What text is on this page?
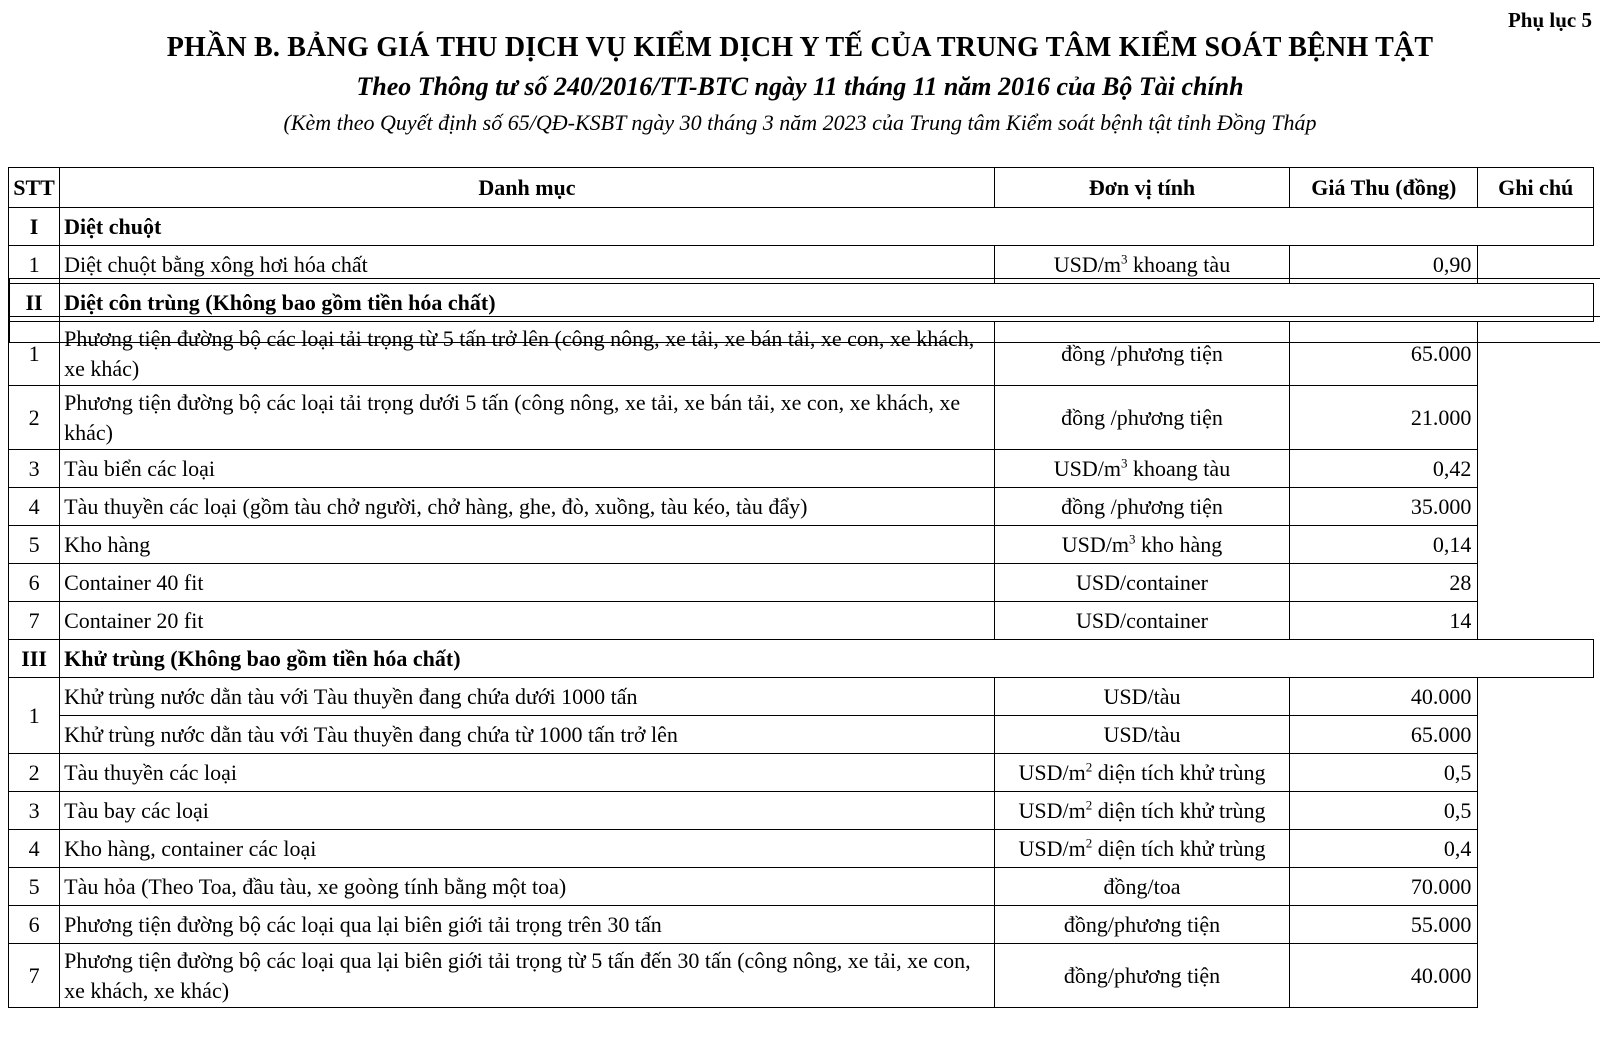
Phụ lục 5
PHẦN B. BẢNG GIÁ THU DỊCH VỤ KIỂM DỊCH Y TẾ CỦA TRUNG TÂM KIỂM SOÁT BỆNH TẬT
Theo Thông tư số 240/2016/TT-BTC ngày 11 tháng 11 năm 2016 của Bộ Tài chính
(Kèm theo Quyết định số 65/QĐ-KSBT ngày 30 tháng 3 năm 2023 của Trung tâm Kiểm soát bệnh tật tỉnh Đồng Tháp
STT	Danh mục	Đơn vị tính	Giá Thu (đồng)	Ghi chú
I	Diệt chuột			
1	Diệt chuột bằng xông hơi hóa chất	USD/$m^3$ khoang tàu	0,90	

II	Diệt côn trùng (Không bao gồm tiền hóa chất)			
1	Phương tiện đường bộ các loại tải trọng từ 5 tấn trở lên (công nông, xe tải, xe bán tải, xe con, xe khách, xe khác)	đồng /phương tiện	65.000	

2	Phương tiện đường bộ các loại tải trọng dưới 5 tấn (công nông, xe tải, xe bán tải, xe con, xe khách, xe khác)	đồng /phương tiện	21.000	

3	Tàu biển các loại	USD/$m^3$ khoang tàu	0,42	

4	Tàu thuyền các loại (gồm tàu chở người, chở hàng, ghe, đò, xuồng, tàu kéo, tàu đẩy)	đồng /phương tiện	35.000	

5	Kho hàng	USD/$m^3$ kho hàng	0,14	

6	Container 40 fit	USD/container	28	

7	Container 20 fit	USD/container	14	

III	Khử trùng (Không bao gồm tiền hóa chất)			
1	Khử trùng nước dằn tàu với Tàu thuyền đang chứa dưới 1000 tấn	USD/tàu	40.000	

	Khử trùng nước dằn tàu với Tàu thuyền đang chứa từ 1000 tấn trở lên	USD/tàu	65.000	

2	Tàu thuyền các loại	USD/$m^2$ diện tích khử trùng	0,5	

3	Tàu bay các loại	USD/$m^2$ diện tích khử trùng	0,5	

4	Kho hàng, container các loại	USD/$m^2$ diện tích khử trùng	0,4	

5	Tàu hỏa (Theo Toa, đầu tàu, xe goòng tính bằng một toa)	đồng/toa	70.000	

6	Phương tiện đường bộ các loại qua lại biên giới tải trọng trên 30 tấn	đồng/phương tiện	55.000	

7	Phương tiện đường bộ các loại qua lại biên giới tải trọng từ 5 tấn đến 30 tấn (công nông, xe tải, xe con, xe khách, xe khác)	đồng/phương tiện	40.000	
